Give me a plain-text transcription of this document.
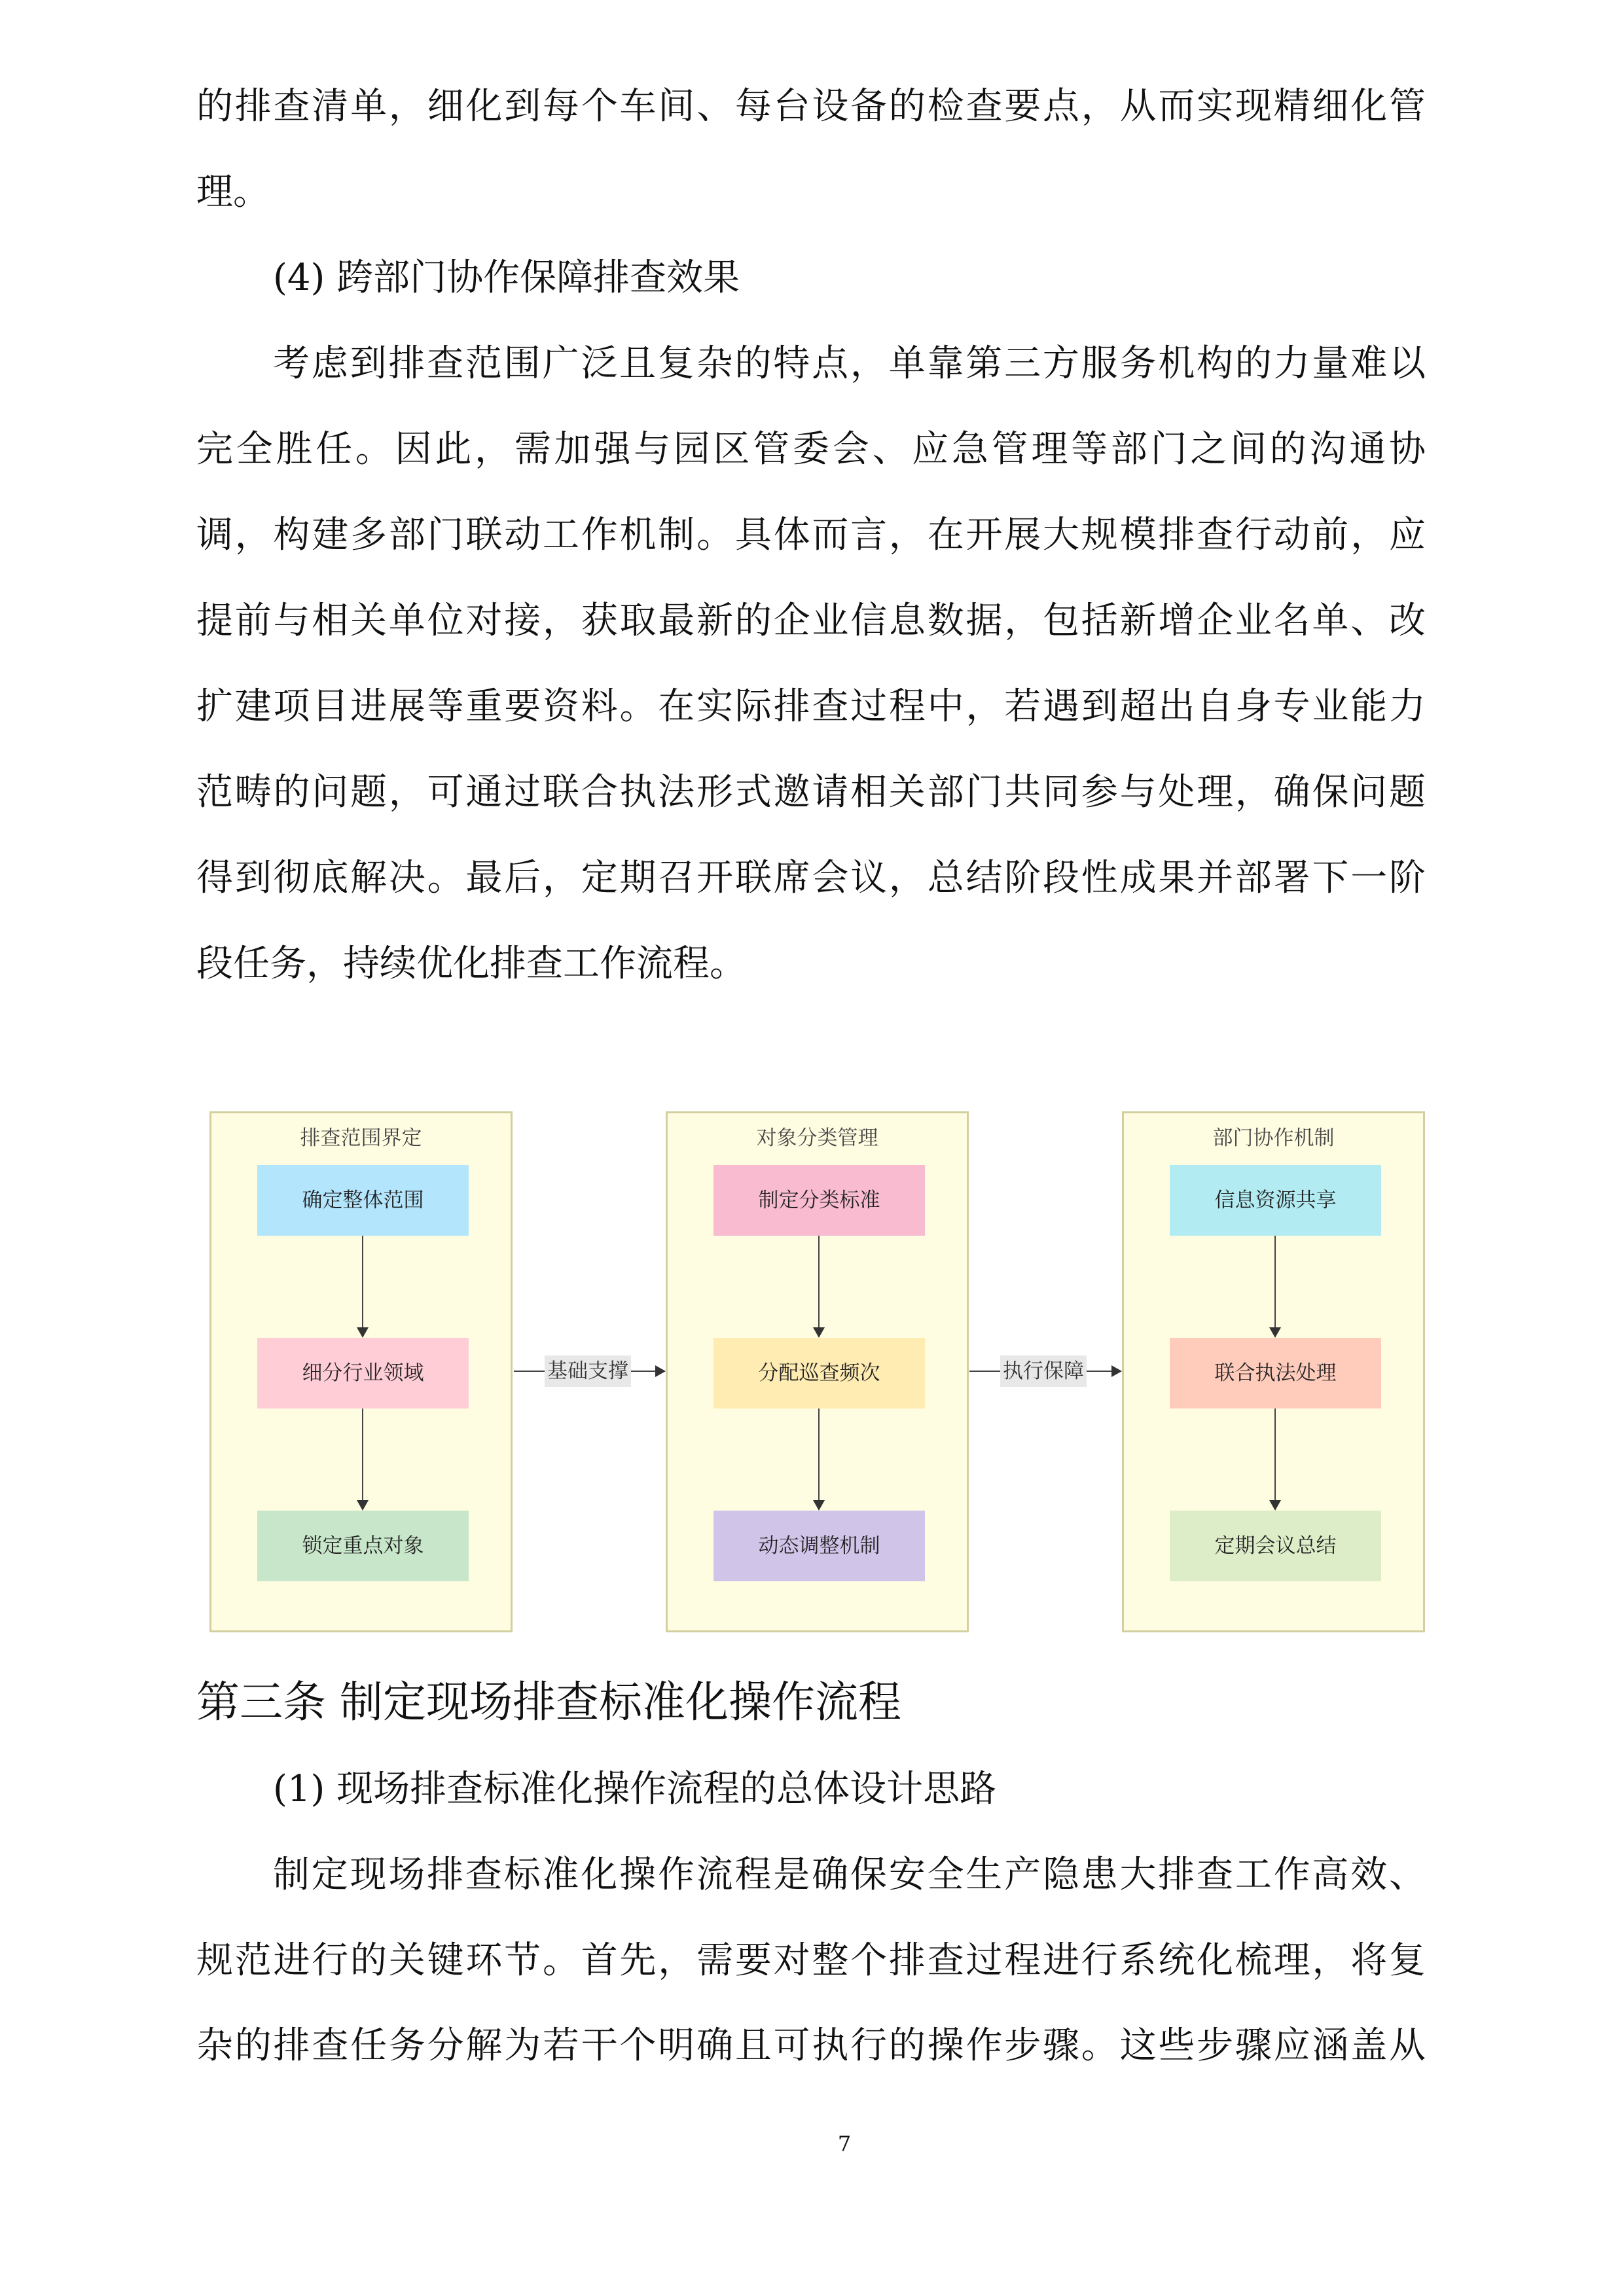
的排查清单，细化到每个车间、每台设备的检查要点，从而实现精细化管
理。
(4) 跨部门协作保障排查效果
考虑到排查范围广泛且复杂的特点，单靠第三方服务机构的力量难以
完全胜任。因此，需加强与园区管委会、应急管理等部门之间的沟通协
调，构建多部门联动工作机制。具体而言，在开展大规模排查行动前，应
提前与相关单位对接，获取最新的企业信息数据，包括新增企业名单、改
扩建项目进展等重要资料。在实际排查过程中，若遇到超出自身专业能力
范畴的问题，可通过联合执法形式邀请相关部门共同参与处理，确保问题
得到彻底解决。最后，定期召开联席会议，总结阶段性成果并部署下一阶
段任务，持续优化排查工作流程。
排查范围界定
确定整体范围
细分行业领域
锁定重点对象
对象分类管理
制定分类标准
分配巡查频次
动态调整机制
部门协作机制
信息资源共享
联合执法处理
定期会议总结
基础支撑	执行保障
第三条 制定现场排查标准化操作流程
(1) 现场排查标准化操作流程的总体设计思路
制定现场排查标准化操作流程是确保安全生产隐患大排查工作高效、
规范进行的关键环节。首先，需要对整个排查过程进行系统化梳理，将复
杂的排查任务分解为若干个明确且可执行的操作步骤。这些步骤应涵盖从
7
